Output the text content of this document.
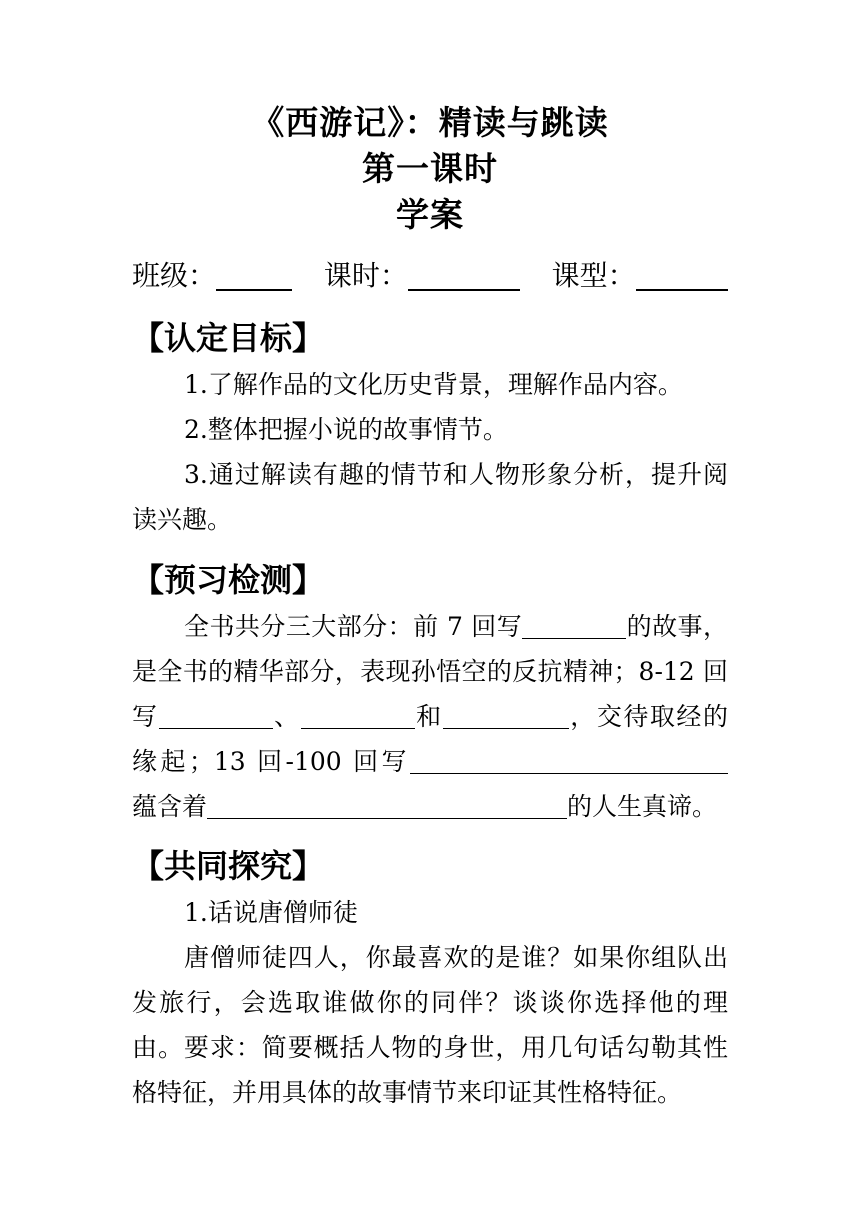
《西游记》：精读与跳读
第一课时
学案
班级：	课时：	课型：
【认定目标】
1.了解作品的文化历史背景，理解作品内容。
2.整体把握小说的故事情节。
3.通过解读有趣的情节和人物形象分析，提升阅读兴趣。
【预习检测】
全书共分三大部分：前 7 回写	的故事，是全书的精华部分，表现孙悟空的反抗精神；8-12 回写	、	和	，交待取经的缘起；13 回-100 回写蕴含着	的人生真谛。
【共同探究】
1.话说唐僧师徒
唐僧师徒四人，你最喜欢的是谁？如果你组队出发旅行，会选取谁做你的同伴？谈谈你选择他的理由。要求：简要概括人物的身世，用几句话勾勒其性格特征，并用具体的故事情节来印证其性格特征。
